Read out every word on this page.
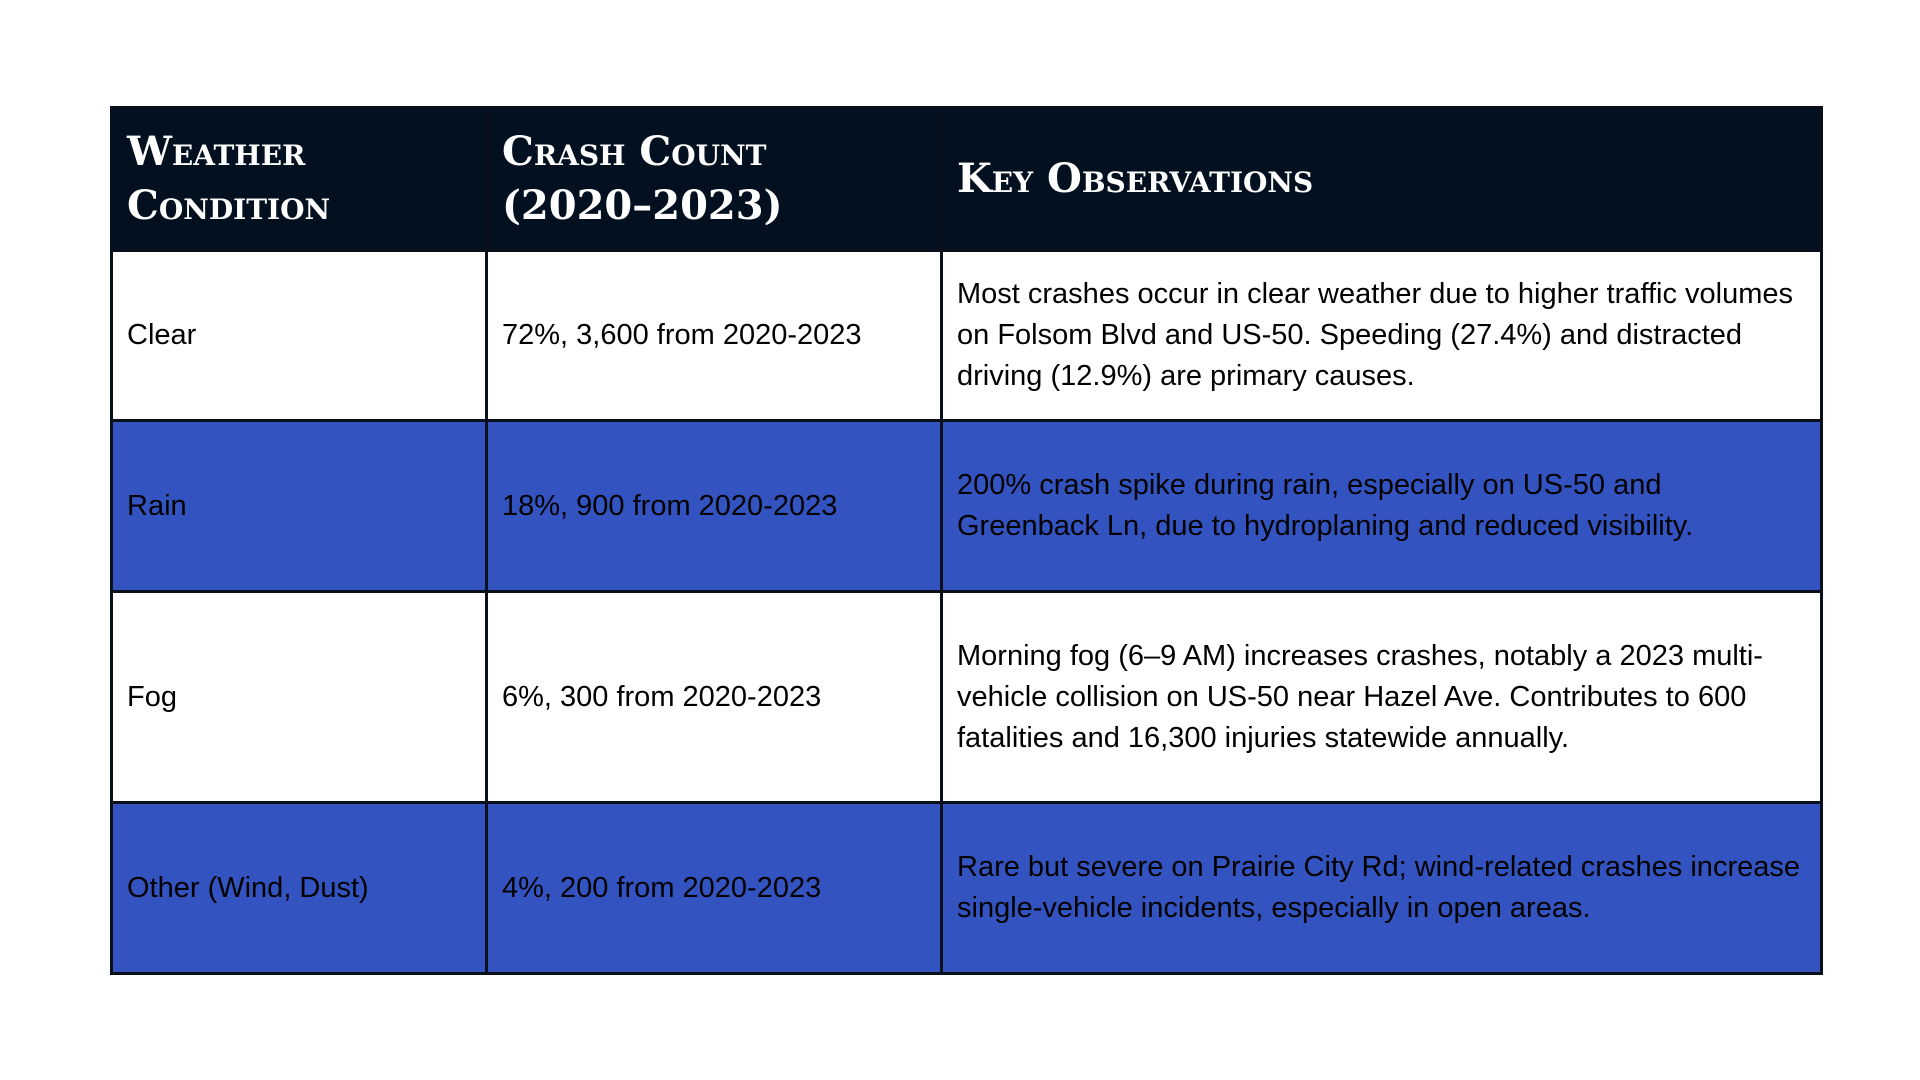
Weather Condition	Crash Count (2020–2023)	Key Observations
Clear	72%, 3,600 from 2020-2023	Most crashes occur in clear weather due to higher traffic volumes on Folsom Blvd and US-50. Speeding (27.4%) and distracted driving (12.9%) are primary causes.
Rain	18%, 900 from 2020-2023	200% crash spike during rain, especially on US-50 and Greenback Ln, due to hydroplaning and reduced visibility.
Fog	6%, 300 from 2020-2023	Morning fog (6–9 AM) increases crashes, notably a 2023 multi-vehicle collision on US-50 near Hazel Ave. Contributes to 600 fatalities and 16,300 injuries statewide annually.
Other (Wind, Dust)	4%, 200 from 2020-2023	Rare but severe on Prairie City Rd; wind-related crashes increase single-vehicle incidents, especially in open areas.
